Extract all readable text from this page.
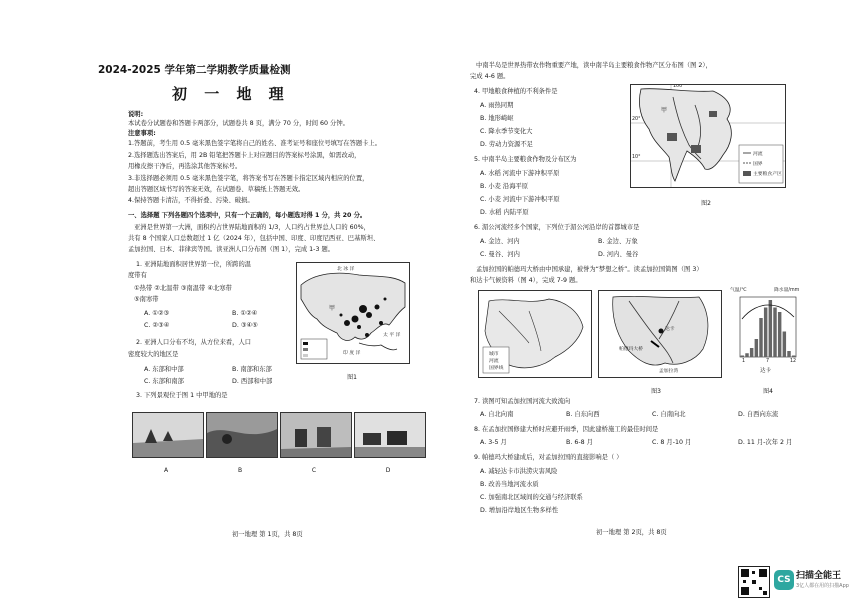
2024-2025 学年第二学期教学质量检测

初 一 地 理

说明:

本试卷分试题卷和答题卡两部分，试题卷共 8 页，满分 70 分，时间 60 分钟。

注意事项:

1.答题前，考生用 0.5 毫米黑色签字笔将自己的姓名、准考证号和座位号填写在答题卡上。

2.选择题选出答案后，用 2B 铅笔把答题卡上对应题目的答案标号涂黑，如需改动，

用橡皮擦干净后，再选涂其他答案标号。

3.非选择题必须用 0.5 毫米黑色签字笔，将答案书写在答题卡指定区域内相应的位置，

超出答题区域书写的答案无效，在试题卷、草稿纸上答题无效。

4.保持答题卡清洁，不得折叠、污染、破损。

一、选择题 下列各题四个选项中，只有一个正确的，每小题选对得 1 分，共 20 分。

亚洲是世界第一大洲，面积约占世界陆地面积的 1/3，人口约占世界总人口的 60%，

共有 8 个国家人口总数超过 1 亿（2024 年），包括中国、印度、印度尼西亚、巴基斯坦、

孟加拉国、日本、菲律宾等国。读亚洲人口分布图（图 1），完成 1-3 题。

1. 亚洲陆地面积居世界第一位，所跨的温

度带有

①热带 ②北温带 ③南温带 ④北寒带

⑤南寒带

A. ①②③	B. ①②④

C. ②③④	D. ③④⑤

2. 亚洲人口分布不均，从方位来看，人口

密度较大的地区是

A. 东部和中部	B. 南部和东部

C. 东部和南部	D. 西部和中部

北 冰 洋
太 平 洋
印 度 洋
甲

图1

3. 下列景观位于图 1 中甲地的是

A	B	C	D

初一地理 第 1页，共 8页

中南半岛是世界热带农作物重要产地，读中南半岛主要粮食作物产区分布图（图 2），

完成 4-6 题。

4. 甲地粮食种植的不利条件是

A. 雨热同期

B. 地形崎岖

C. 降水季节变化大

D. 劳动力资源不足

5. 中南半岛主要粮食作物及分布区为

A. 水稻 河流中下游冲积平原

B. 小麦 沿海平原

C. 小麦 河流中下游冲积平原

D. 水稻 内陆平原

6. 湄公河流经多个国家，下列位于湄公河沿岸的首都城市是

A. 金边、河内	B. 金边、万象

C. 曼谷、河内	D. 河内、曼谷

100°
20°
10°
甲
河流
国界
主要粮食产区

图2

孟加拉国的帕德玛大桥由中国承建，被誉为“梦想之桥”。读孟加拉国简图（图 3）

和达卡气候资料（图 4），完成 7-9 题。

城市
河流
国界线
达卡
帕德玛大桥
孟加拉湾

图3

气温/℃	降水量/mm
1	7	12
达卡

图4

7. 读图可知孟加拉国河流大致流向

A. 自北向南	B. 自东向西	C. 自南向北	D. 自西向东流

8. 在孟加拉国修建大桥时应避开雨季，因此建桥施工的最佳时间是

A. 3-5 月	B. 6-8 月	C. 8 月-10 月	D. 11 月-次年 2 月

9. 帕德玛大桥建成后，对孟加拉国的直接影响是（ ）

A. 减轻达卡市洪涝灾害风险

B. 改善当地河流水质

C. 加强南北区域间的交通与经济联系

D. 增加沿岸地区生物多样性

初一地理 第 2页，共 8页

CS 扫描全能王

3亿人都在用的扫描App
